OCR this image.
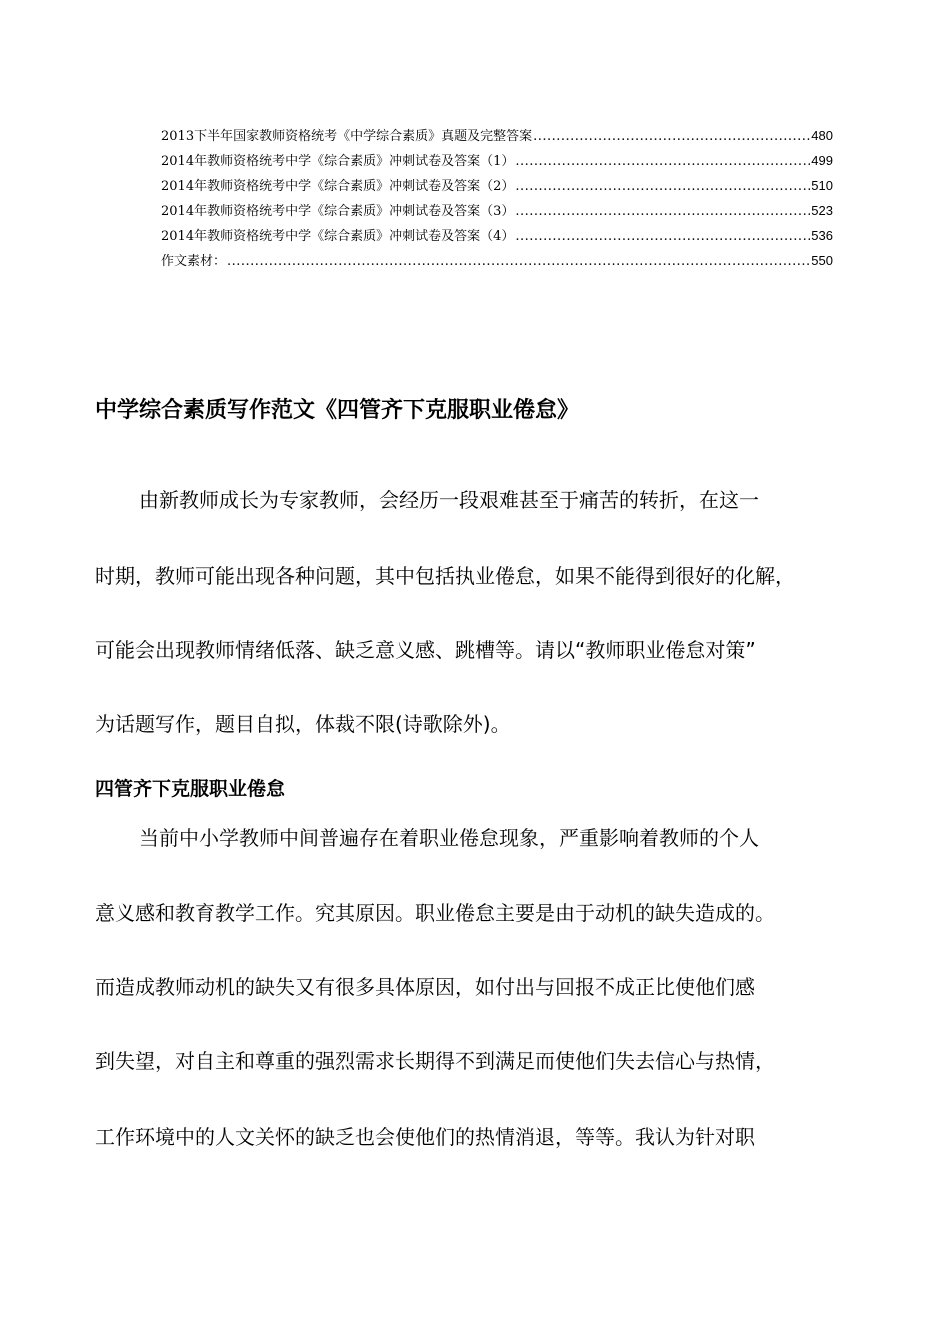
2013下半年国家教师资格统考《中学综合素质》真题及完整答案 .....	480
2014年教师资格统考中学《综合素质》冲刺试卷及答案（1） .....	499
2014年教师资格统考中学《综合素质》冲刺试卷及答案（2） .....	510
2014年教师资格统考中学《综合素质》冲刺试卷及答案（3） .....	523
2014年教师资格统考中学《综合素质》冲刺试卷及答案（4） .....	536
作文素材： .....	550
中学综合素质写作范文《四管齐下克服职业倦怠》

由新教师成长为专家教师，会经历一段艰难甚至于痛苦的转折，在这一

时期，教师可能出现各种问题，其中包括执业倦怠，如果不能得到很好的化解，

可能会出现教师情绪低落、缺乏意义感、跳槽等。请以“教师职业倦怠对策”

为话题写作，题目自拟，体裁不限(诗歌除外)。

四管齐下克服职业倦怠

当前中小学教师中间普遍存在着职业倦怠现象，严重影响着教师的个人

意义感和教育教学工作。究其原因。职业倦怠主要是由于动机的缺失造成的。

而造成教师动机的缺失又有很多具体原因，如付出与回报不成正比使他们感

到失望，对自主和尊重的强烈需求长期得不到满足而使他们失去信心与热情，

工作环境中的人文关怀的缺乏也会使他们的热情消退，等等。我认为针对职
